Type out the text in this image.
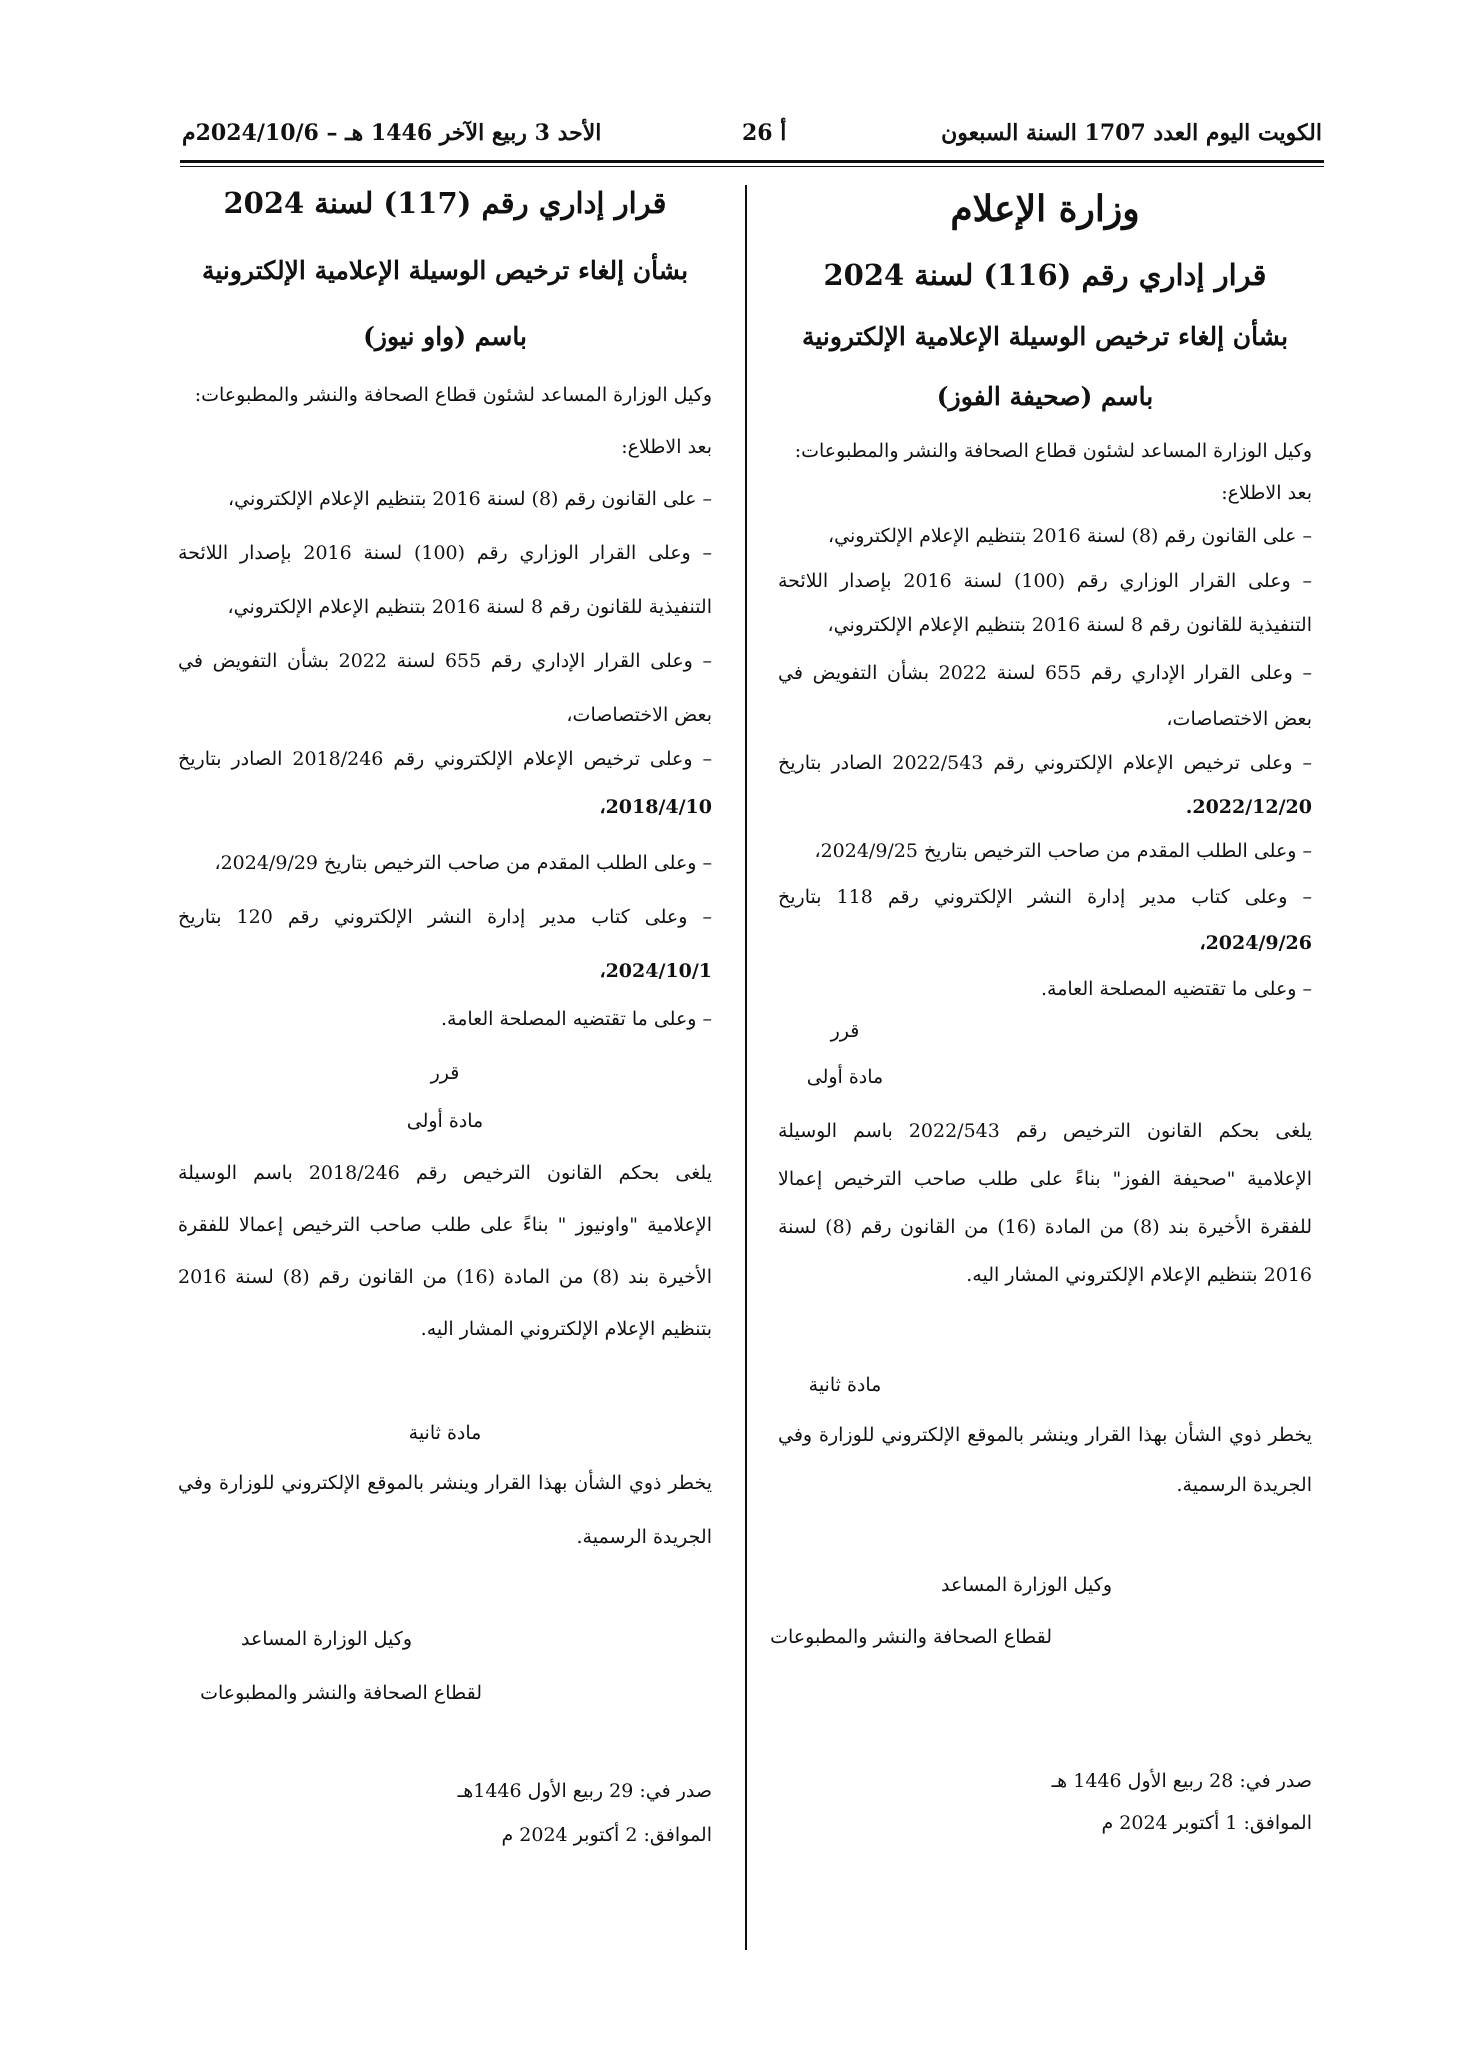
الكويت اليوم العدد 1707 السنة السبعون
أ 26
الأحد 3 ربيع الآخر 1446 هـ – 2024/10/6م
وزارة الإعلام
قرار إداري رقم (116) لسنة 2024
بشأن إلغاء ترخيص الوسيلة الإعلامية الإلكترونية
باسم (صحيفة الفوز)
وكيل الوزارة المساعد لشئون قطاع الصحافة والنشر والمطبوعات:
بعد الاطلاع:
– على القانون رقم (8) لسنة 2016 بتنظيم الإعلام الإلكتروني،
– وعلى القرار الوزاري رقم (100) لسنة 2016 بإصدار اللائحة
التنفيذية للقانون رقم 8 لسنة 2016 بتنظيم الإعلام الإلكتروني،
– وعلى القرار الإداري رقم 655 لسنة 2022 بشأن التفويض في
بعض الاختصاصات،
– وعلى ترخيص الإعلام الإلكتروني رقم 2022/543 الصادر بتاريخ
2022/12/20.
– وعلى الطلب المقدم من صاحب الترخيص بتاريخ 2024/9/25،
– وعلى كتاب مدير إدارة النشر الإلكتروني رقم 118 بتاريخ
2024/9/26،
– وعلى ما تقتضيه المصلحة العامة.
قرر
مادة أولى
يلغى بحكم القانون الترخيص رقم 2022/543 باسم الوسيلة
الإعلامية "صحيفة الفوز" بناءً على طلب صاحب الترخيص إعمالا
للفقرة الأخيرة بند (8) من المادة (16) من القانون رقم (8) لسنة
2016 بتنظيم الإعلام الإلكتروني المشار اليه.
مادة ثانية
يخطر ذوي الشأن بهذا القرار وينشر بالموقع الإلكتروني للوزارة وفي
الجريدة الرسمية.
وكيل الوزارة المساعد
لقطاع الصحافة والنشر والمطبوعات
صدر في: 28 ربيع الأول 1446 هـ
الموافق: 1 أكتوبر 2024 م
قرار إداري رقم (117) لسنة 2024
بشأن إلغاء ترخيص الوسيلة الإعلامية الإلكترونية
باسم (واو نيوز)
وكيل الوزارة المساعد لشئون قطاع الصحافة والنشر والمطبوعات:
بعد الاطلاع:
– على القانون رقم (8) لسنة 2016 بتنظيم الإعلام الإلكتروني،
– وعلى القرار الوزاري رقم (100) لسنة 2016 بإصدار اللائحة
التنفيذية للقانون رقم 8 لسنة 2016 بتنظيم الإعلام الإلكتروني،
– وعلى القرار الإداري رقم 655 لسنة 2022 بشأن التفويض في
بعض الاختصاصات،
– وعلى ترخيص الإعلام الإلكتروني رقم 2018/246 الصادر بتاريخ
2018/4/10،
– وعلى الطلب المقدم من صاحب الترخيص بتاريخ 2024/9/29،
– وعلى كتاب مدير إدارة النشر الإلكتروني رقم 120 بتاريخ
2024/10/1،
– وعلى ما تقتضيه المصلحة العامة.
قرر
مادة أولى
يلغى بحكم القانون الترخيص رقم 2018/246 باسم الوسيلة
الإعلامية "واونيوز " بناءً على طلب صاحب الترخيص إعمالا للفقرة
الأخيرة بند (8) من المادة (16) من القانون رقم (8) لسنة 2016
بتنظيم الإعلام الإلكتروني المشار اليه.
مادة ثانية
يخطر ذوي الشأن بهذا القرار وينشر بالموقع الإلكتروني للوزارة وفي
الجريدة الرسمية.
وكيل الوزارة المساعد
لقطاع الصحافة والنشر والمطبوعات
صدر في: 29 ربيع الأول 1446هـ
الموافق: 2 أكتوبر 2024 م
